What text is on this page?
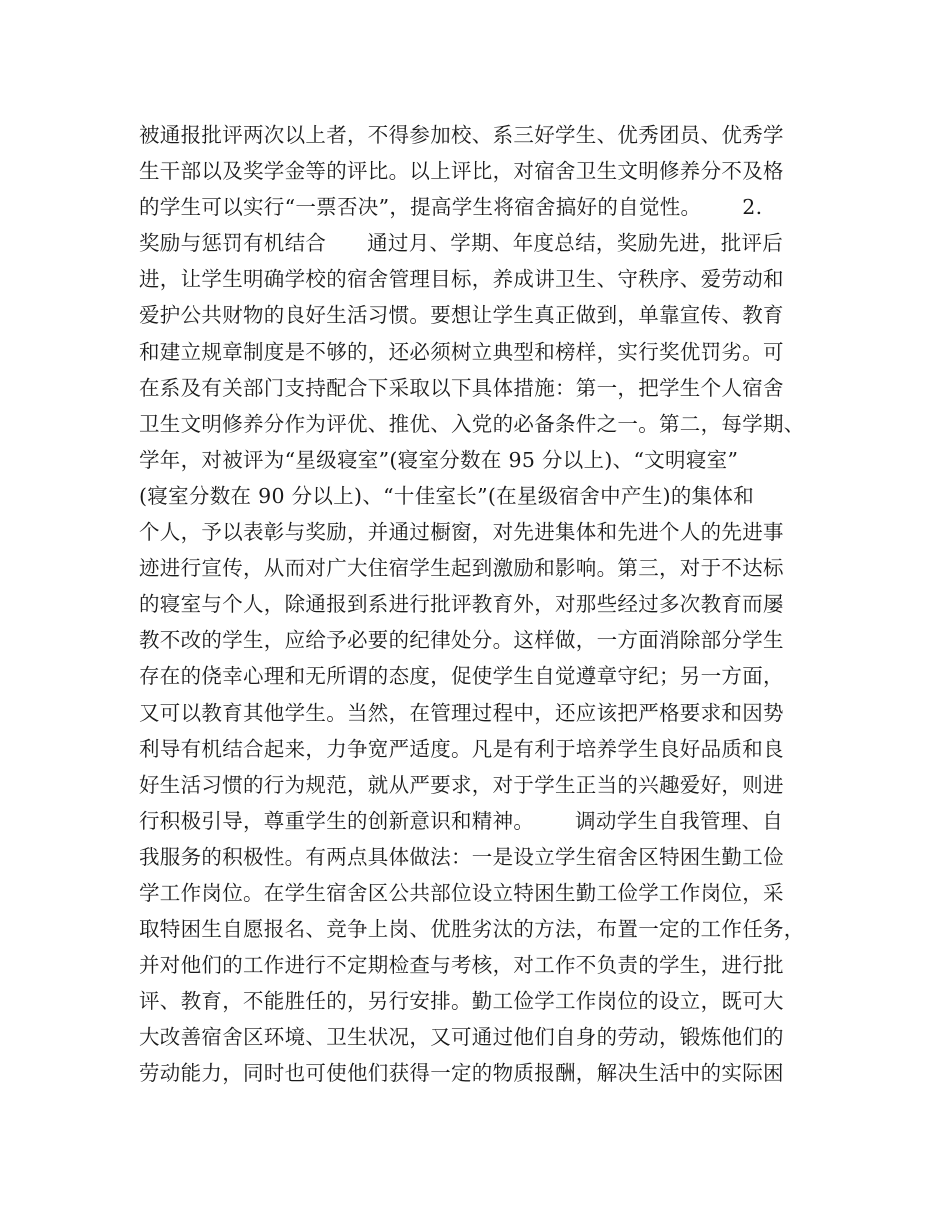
被通报批评两次以上者，不得参加校、系三好学生、优秀团员、优秀学
生干部以及奖学金等的评比。以上评比，对宿舍卫生文明修养分不及格
的学生可以实行“一票否决”，提高学生将宿舍搞好的自觉性。      2.
奖励与惩罚有机结合      通过月、学期、年度总结，奖励先进，批评后
进，让学生明确学校的宿舍管理目标，养成讲卫生、守秩序、爱劳动和
爱护公共财物的良好生活习惯。要想让学生真正做到，单靠宣传、教育
和建立规章制度是不够的，还必须树立典型和榜样，实行奖优罚劣。可
在系及有关部门支持配合下采取以下具体措施：第一，把学生个人宿舍
卫生文明修养分作为评优、推优、入党的必备条件之一。第二，每学期、
学年，对被评为“星级寝室”(寝室分数在 95 分以上)、“文明寝室”
(寝室分数在 90 分以上)、“十佳室长”(在星级宿舍中产生)的集体和
个人，予以表彰与奖励，并通过橱窗，对先进集体和先进个人的先进事
迹进行宣传，从而对广大住宿学生起到激励和影响。第三，对于不达标
的寝室与个人，除通报到系进行批评教育外，对那些经过多次教育而屡
教不改的学生，应给予必要的纪律处分。这样做，一方面消除部分学生
存在的侥幸心理和无所谓的态度，促使学生自觉遵章守纪；另一方面，
又可以教育其他学生。当然，在管理过程中，还应该把严格要求和因势
利导有机结合起来，力争宽严适度。凡是有利于培养学生良好品质和良
好生活习惯的行为规范，就从严要求，对于学生正当的兴趣爱好，则进
行积极引导，尊重学生的创新意识和精神。      调动学生自我管理、自
我服务的积极性。有两点具体做法：一是设立学生宿舍区特困生勤工俭
学工作岗位。在学生宿舍区公共部位设立特困生勤工俭学工作岗位，采
取特困生自愿报名、竞争上岗、优胜劣汰的方法，布置一定的工作任务，
并对他们的工作进行不定期检查与考核，对工作不负责的学生，进行批
评、教育，不能胜任的，另行安排。勤工俭学工作岗位的设立，既可大
大改善宿舍区环境、卫生状况，又可通过他们自身的劳动，锻炼他们的
劳动能力，同时也可使他们获得一定的物质报酬，解决生活中的实际困
